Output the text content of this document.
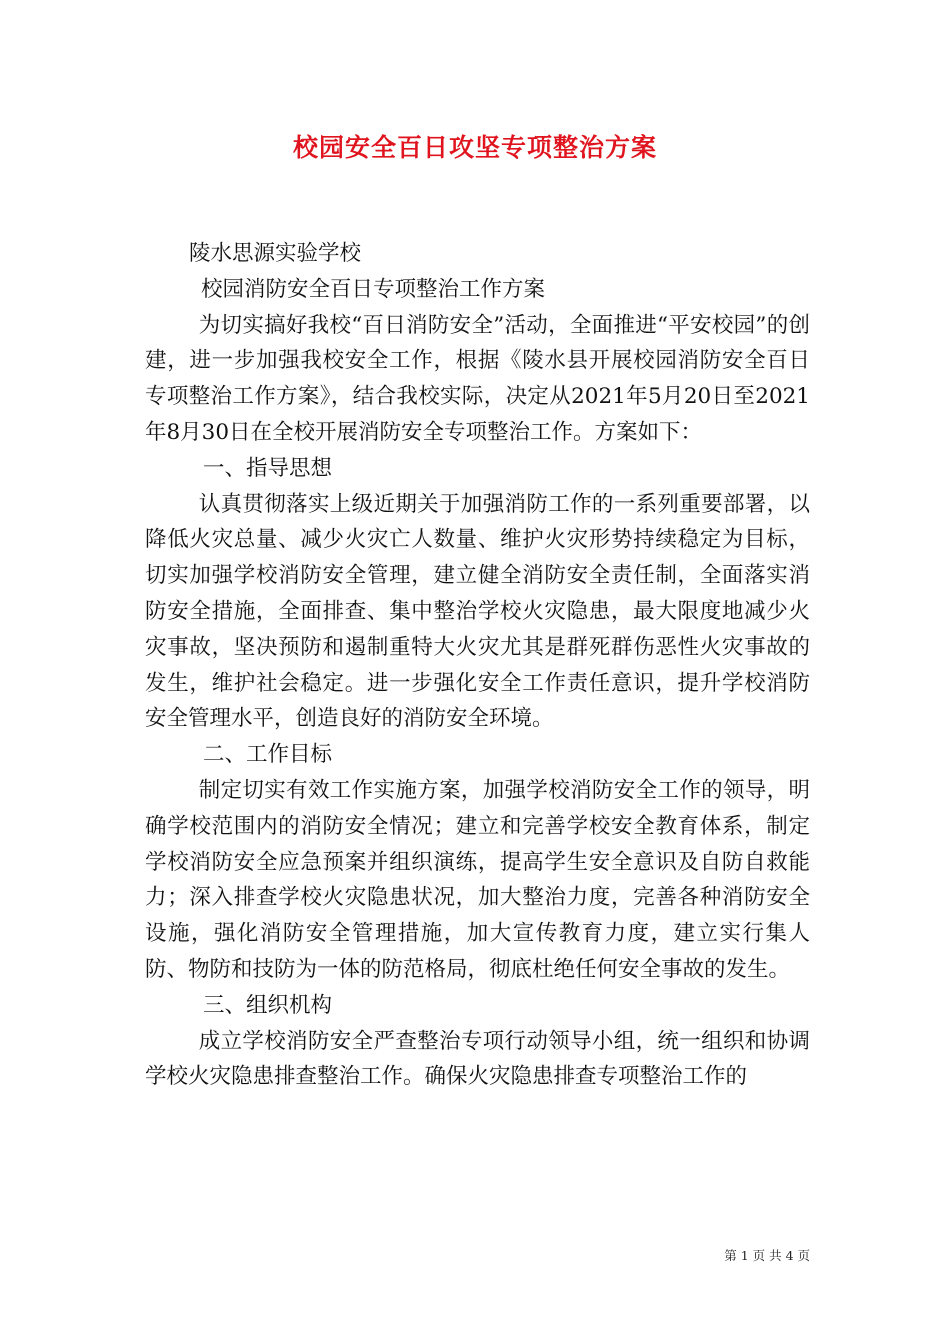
校园安全百日攻坚专项整治方案

陵水思源实验学校

校园消防安全百日专项整治工作方案

为切实搞好我校“百日消防安全”活动，全面推进“平安校园”的创建，进一步加强我校安全工作，根据《陵水县开展校园消防安全百日专项整治工作方案》，结合我校实际，决定从2021年5月20日至2021年8月30日在全校开展消防安全专项整治工作。方案如下：

一、指导思想

认真贯彻落实上级近期关于加强消防工作的一系列重要部署，以降低火灾总量、减少火灾亡人数量、维护火灾形势持续稳定为目标，切实加强学校消防安全管理，建立健全消防安全责任制，全面落实消防安全措施，全面排查、集中整治学校火灾隐患，最大限度地减少火灾事故，坚决预防和遏制重特大火灾尤其是群死群伤恶性火灾事故的发生，维护社会稳定。进一步强化安全工作责任意识，提升学校消防安全管理水平，创造良好的消防安全环境。

二、工作目标

制定切实有效工作实施方案，加强学校消防安全工作的领导，明确学校范围内的消防安全情况；建立和完善学校安全教育体系，制定学校消防安全应急预案并组织演练，提高学生安全意识及自防自救能力；深入排查学校火灾隐患状况，加大整治力度，完善各种消防安全设施，强化消防安全管理措施，加大宣传教育力度，建立实行集人防、物防和技防为一体的防范格局，彻底杜绝任何安全事故的发生。

三、组织机构

成立学校消防安全严查整治专项行动领导小组，统一组织和协调学校火灾隐患排查整治工作。确保火灾隐患排查专项整治工作的

第 1 页 共 4 页
